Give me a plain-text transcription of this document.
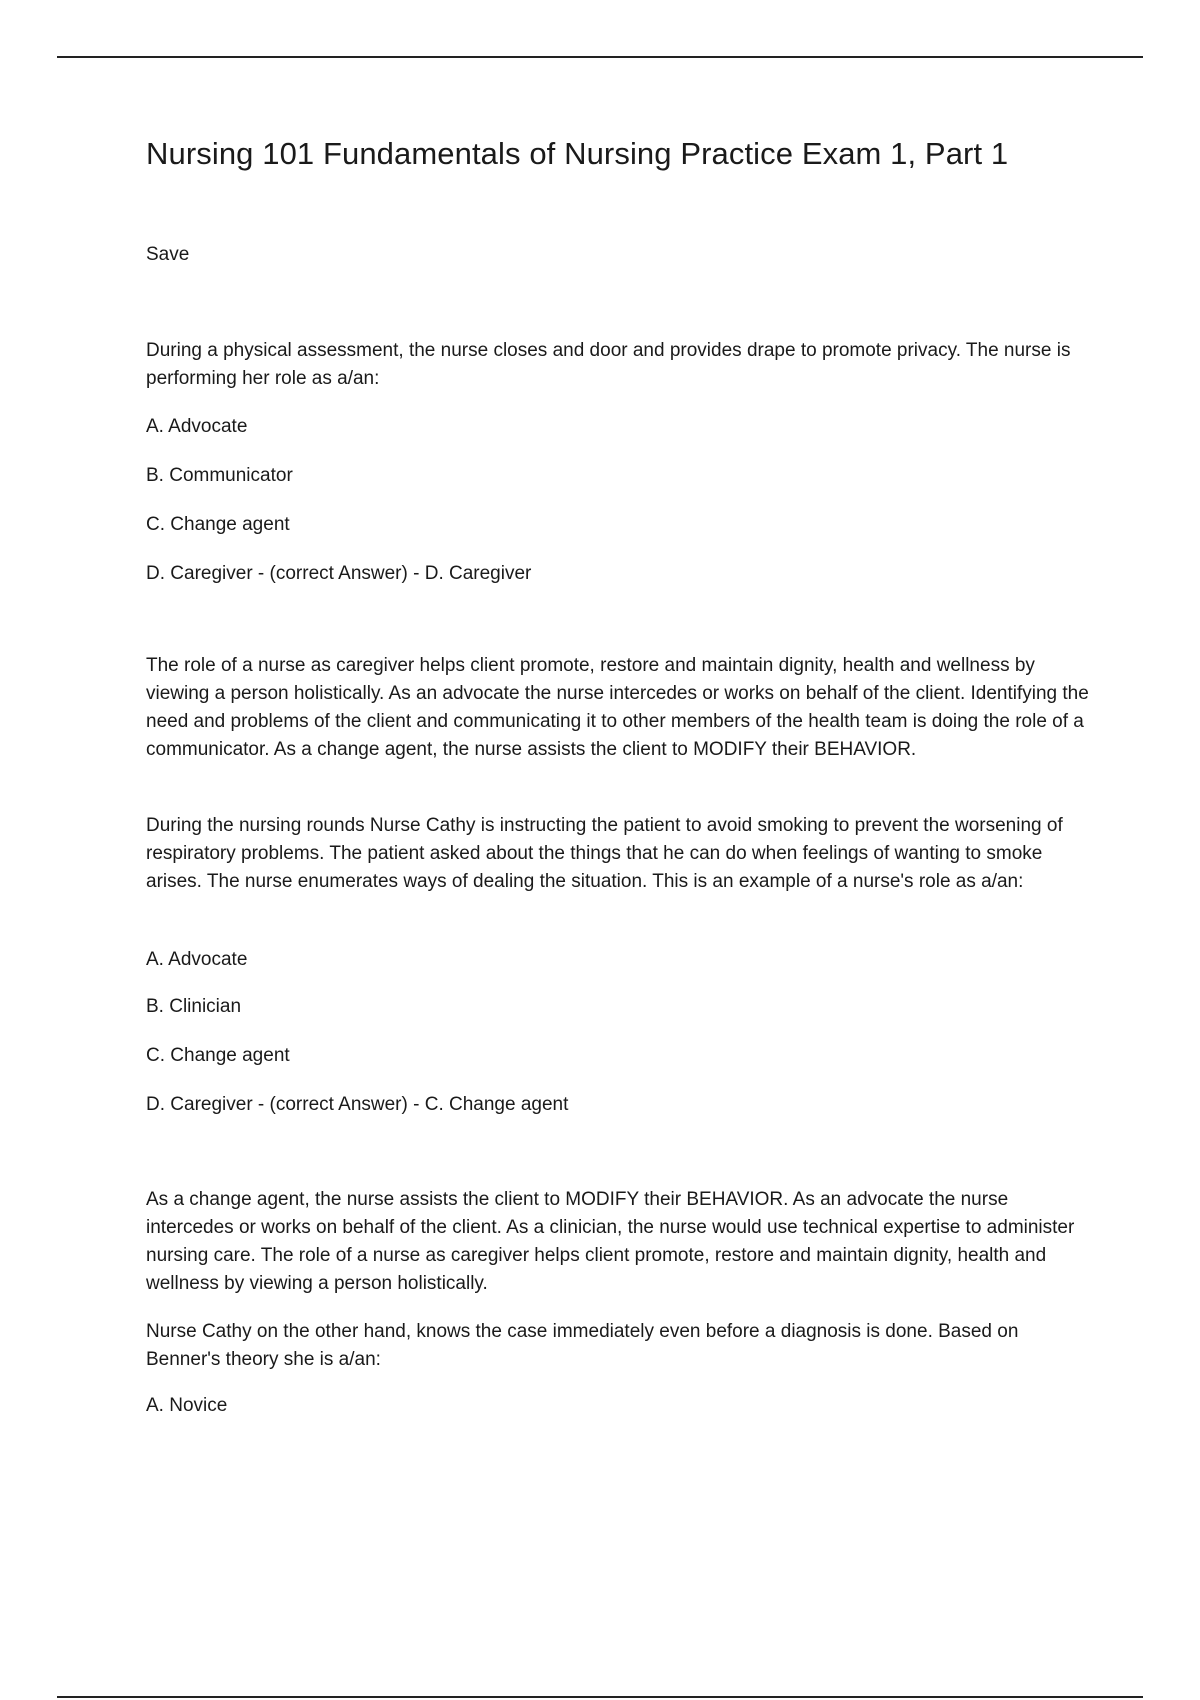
Nursing 101 Fundamentals of Nursing Practice Exam 1, Part 1
Save

During a physical assessment, the nurse closes and door and provides drape to promote privacy. The nurse is performing her role as a/an:

A. Advocate
B. Communicator
C. Change agent
D. Caregiver - (correct Answer) - D. Caregiver

The role of a nurse as caregiver helps client promote, restore and maintain dignity, health and wellness by viewing a person holistically. As an advocate the nurse intercedes or works on behalf of the client. Identifying the need and problems of the client and communicating it to other members of the health team is doing the role of a communicator. As a change agent, the nurse assists the client to MODIFY their BEHAVIOR.

During the nursing rounds Nurse Cathy is instructing the patient to avoid smoking to prevent the worsening of respiratory problems. The patient asked about the things that he can do when feelings of wanting to smoke arises. The nurse enumerates ways of dealing the situation. This is an example of a nurse's role as a/an:

A. Advocate
B. Clinician
C. Change agent
D. Caregiver - (correct Answer) - C. Change agent

As a change agent, the nurse assists the client to MODIFY their BEHAVIOR. As an advocate the nurse intercedes or works on behalf of the client. As a clinician, the nurse would use technical expertise to administer nursing care. The role of a nurse as caregiver helps client promote, restore and maintain dignity, health and wellness by viewing a person holistically.

Nurse Cathy on the other hand, knows the case immediately even before a diagnosis is done. Based on Benner's theory she is a/an:

A. Novice
